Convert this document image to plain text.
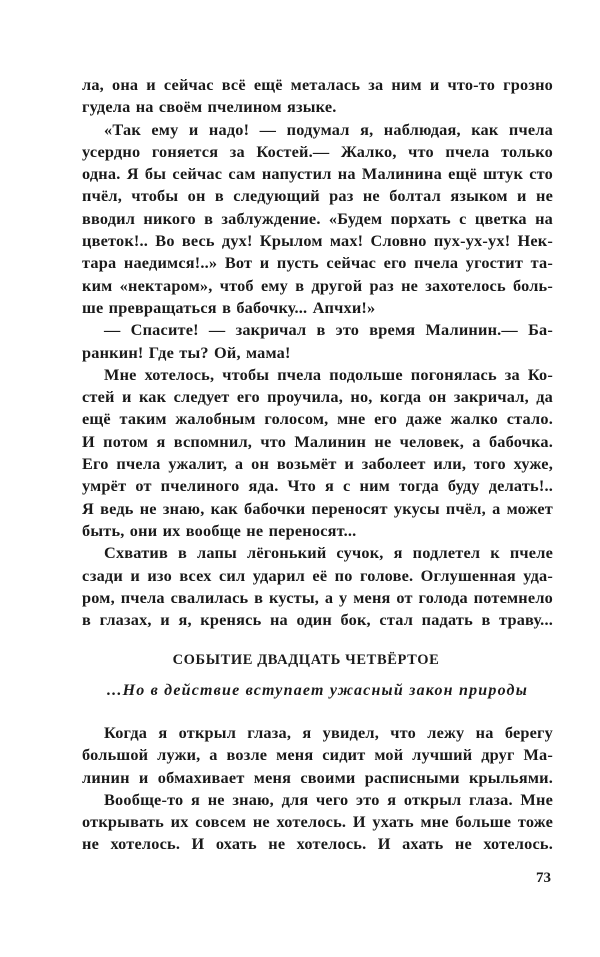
ла, она и сейчас всё ещё металась за ним и что-то грозно
гудела на своём пчелином языке.
«Так ему и надо! — подумал я, наблюдая, как пчела
усердно гоняется за Костей.— Жалко, что пчела только
одна. Я бы сейчас сам напустил на Малинина ещё штук сто
пчёл, чтобы он в следующий раз не болтал языком и не
вводил никого в заблуждение. «Будем порхать с цветка на
цветок!.. Во весь дух! Крылом мах! Словно пух-ух-ух! Нек-
тара наедимся!..» Вот и пусть сейчас его пчела угостит та-
ким «нектаром», чтоб ему в другой раз не захотелось боль-
ше превращаться в бабочку... Апчхи!»
— Спасите! — закричал в это время Малинин.— Ба-
ранкин! Где ты? Ой, мама!
Мне хотелось, чтобы пчела подольше погонялась за Ко-
стей и как следует его проучила, но, когда он закричал, да
ещё таким жалобным голосом, мне его даже жалко стало.
И потом я вспомнил, что Малинин не человек, а бабочка.
Его пчела ужалит, а он возьмёт и заболеет или, того хуже,
умрёт от пчелиного яда. Что я с ним тогда буду делать!..
Я ведь не знаю, как бабочки переносят укусы пчёл, а может
быть, они их вообще не переносят...
Схватив в лапы лёгонький сучок, я подлетел к пчеле
сзади и изо всех сил ударил её по голове. Оглушенная уда-
ром, пчела свалилась в кусты, а у меня от голода потемнело
в глазах, и я, кренясь на один бок, стал падать в траву...
СОБЫТИЕ ДВАДЦАТЬ ЧЕТВЁРТОЕ
...Но в действие вступает ужасный закон природы
Когда я открыл глаза, я увидел, что лежу на берегу
большой лужи, а возле меня сидит мой лучший друг Ма-
линин и обмахивает меня своими расписными крыльями.
Вообще-то я не знаю, для чего это я открыл глаза. Мне
открывать их совсем не хотелось. И ухать мне больше тоже
не хотелось. И охать не хотелось. И ахать не хотелось.
73
